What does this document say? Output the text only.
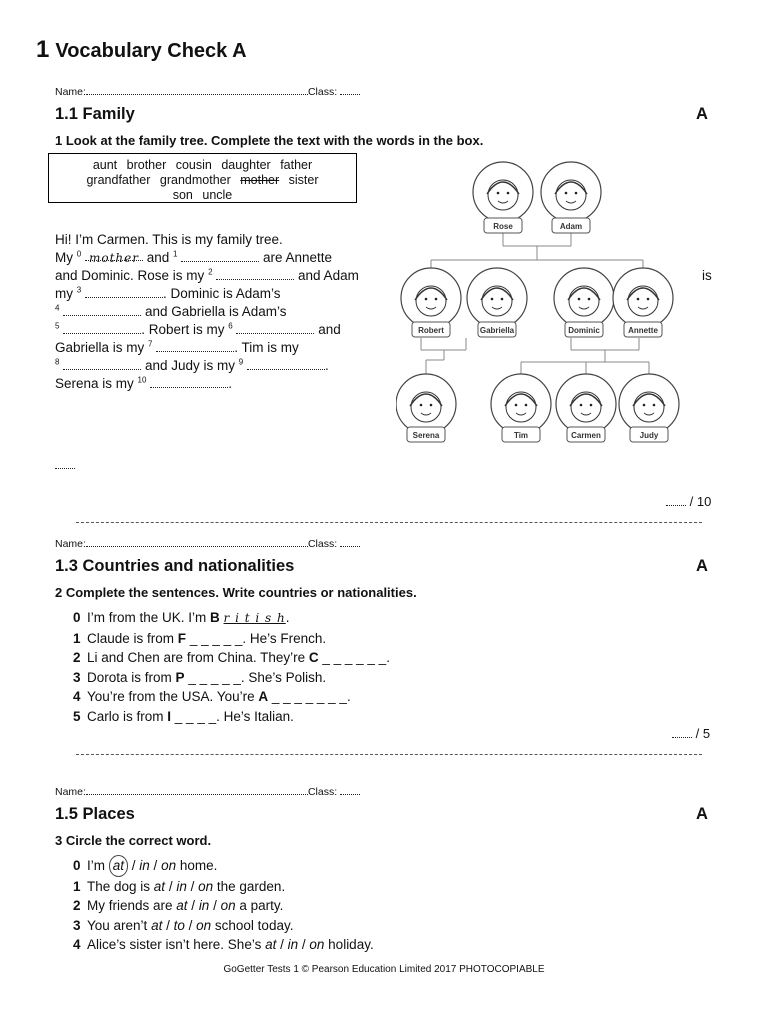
1 Vocabulary Check A
Name:	Class:
1.1 Family	A
1 Look at the family tree. Complete the text with the words in the box.
aunt brother cousin daughter father
grandfather grandmother mother sister
son uncle

Hi! I’m Carmen. This is my family tree.

My $^0$ mother and $^1$	are Annette

and Dominic. Rose is my $^2$	and Adam

my $^3$	. Dominic is Adam’s

$^4$	and Gabriella is Adam’s

$^5$	. Robert is my $^6$	and

Gabriella is my $^7$	. Tim is my

$^8$	and Judy is my $^9$	.

Serena is my $^{10}$	.

is
Rose	Adam
Robert	Gabriella	Dominic	Annette
Serena	Tim	Carmen	Judy
/ 10
Name:	Class:
1.3 Countries and nationalities	A
2 Complete the sentences. Write countries or nationalities.
0 I’m from the UK. I’m B r i t i s h.
1 Claude is from F _ _ _ _ _. He’s French.
2 Li and Chen are from China. They’re C _ _ _ _ _ _.
3 Dorota is from P _ _ _ _ _. She’s Polish.
4 You’re from the USA. You’re A _ _ _ _ _ _ _.
5 Carlo is from I _ _ _ _. He’s Italian.
/ 5
Name:	Class:
1.5 Places	A
3 Circle the correct word.
0 I’m at / in / on home.
1 The dog is at / in / on the garden.
2 My friends are at / in / on a party.
3 You aren’t at / to / on school today.
4 Alice’s sister isn’t here. She’s at / in / on holiday.
GoGetter Tests 1 © Pearson Education Limited 2017 PHOTOCOPIABLE
